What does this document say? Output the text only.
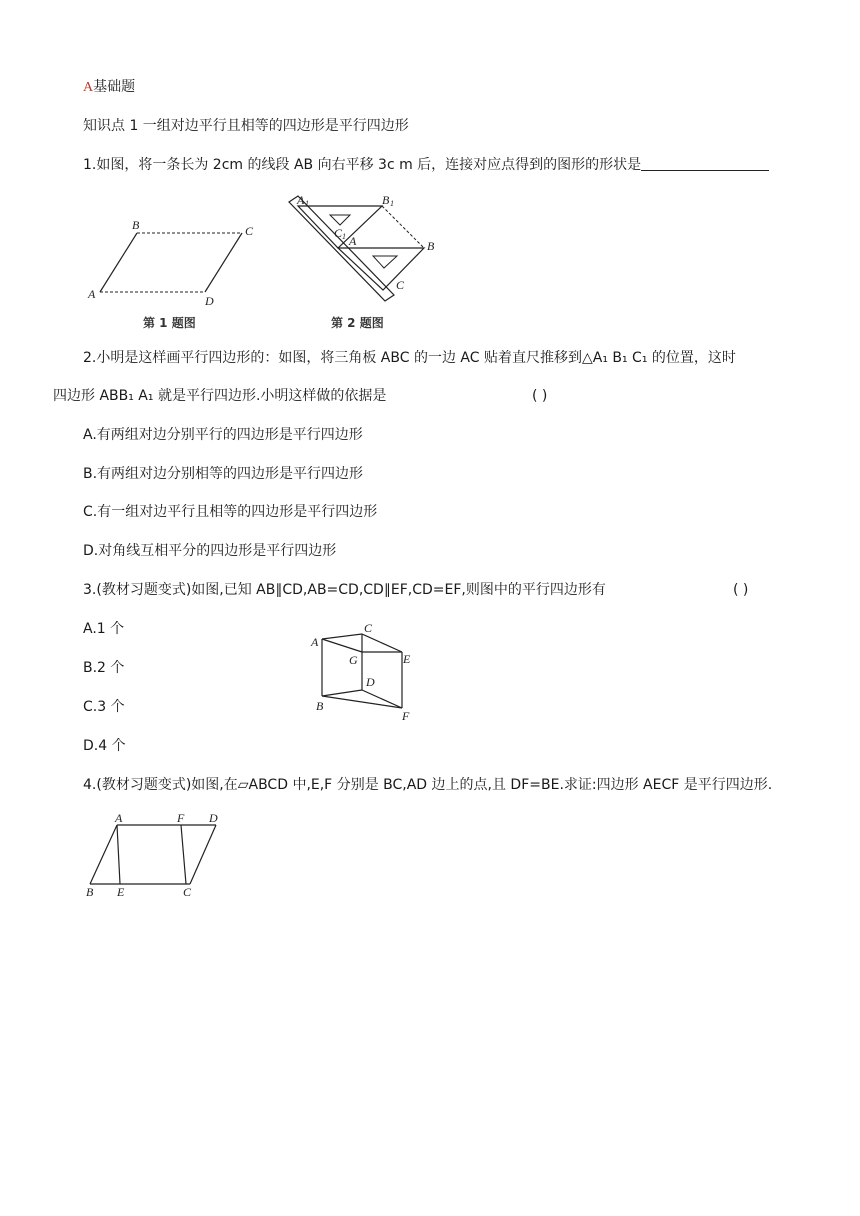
A基础题
知识点 1 一组对边平行且相等的四边形是平行四边形
1.如图，将一条长为 2cm 的线段 AB 向右平移 3c m 后，连接对应点得到的图形的形状是
A
B	C
D
第 1 题图
A 1	B 1
C 1 A	B
C
第 2 题图
2.小明是这样画平行四边形的：如图，将三角板 ABC 的一边 AC 贴着直尺推移到△A₁ B₁ C₁ 的位置，这时
四边形 ABB₁ A₁ 就是平行四边形.小明这样做的依据是	( )
A.有两组对边分别平行的四边形是平行四边形
B.有两组对边分别相等的四边形是平行四边形
C.有一组对边平行且相等的四边形是平行四边形
D.对角线互相平分的四边形是平行四边形
3.(教材习题变式)如图,已知 AB∥CD,AB=CD,CD∥EF,CD=EF,则图中的平行四边形有	( )
A.1 个
B.2 个
C.3 个
D.4 个
A
C
G	E
D
B
F
4.(教材习题变式)如图,在▱ABCD 中,E,F 分别是 BC,AD 边上的点,且 DF=BE.求证:四边形 AECF 是平行四边形.
A	F D
B E	C
